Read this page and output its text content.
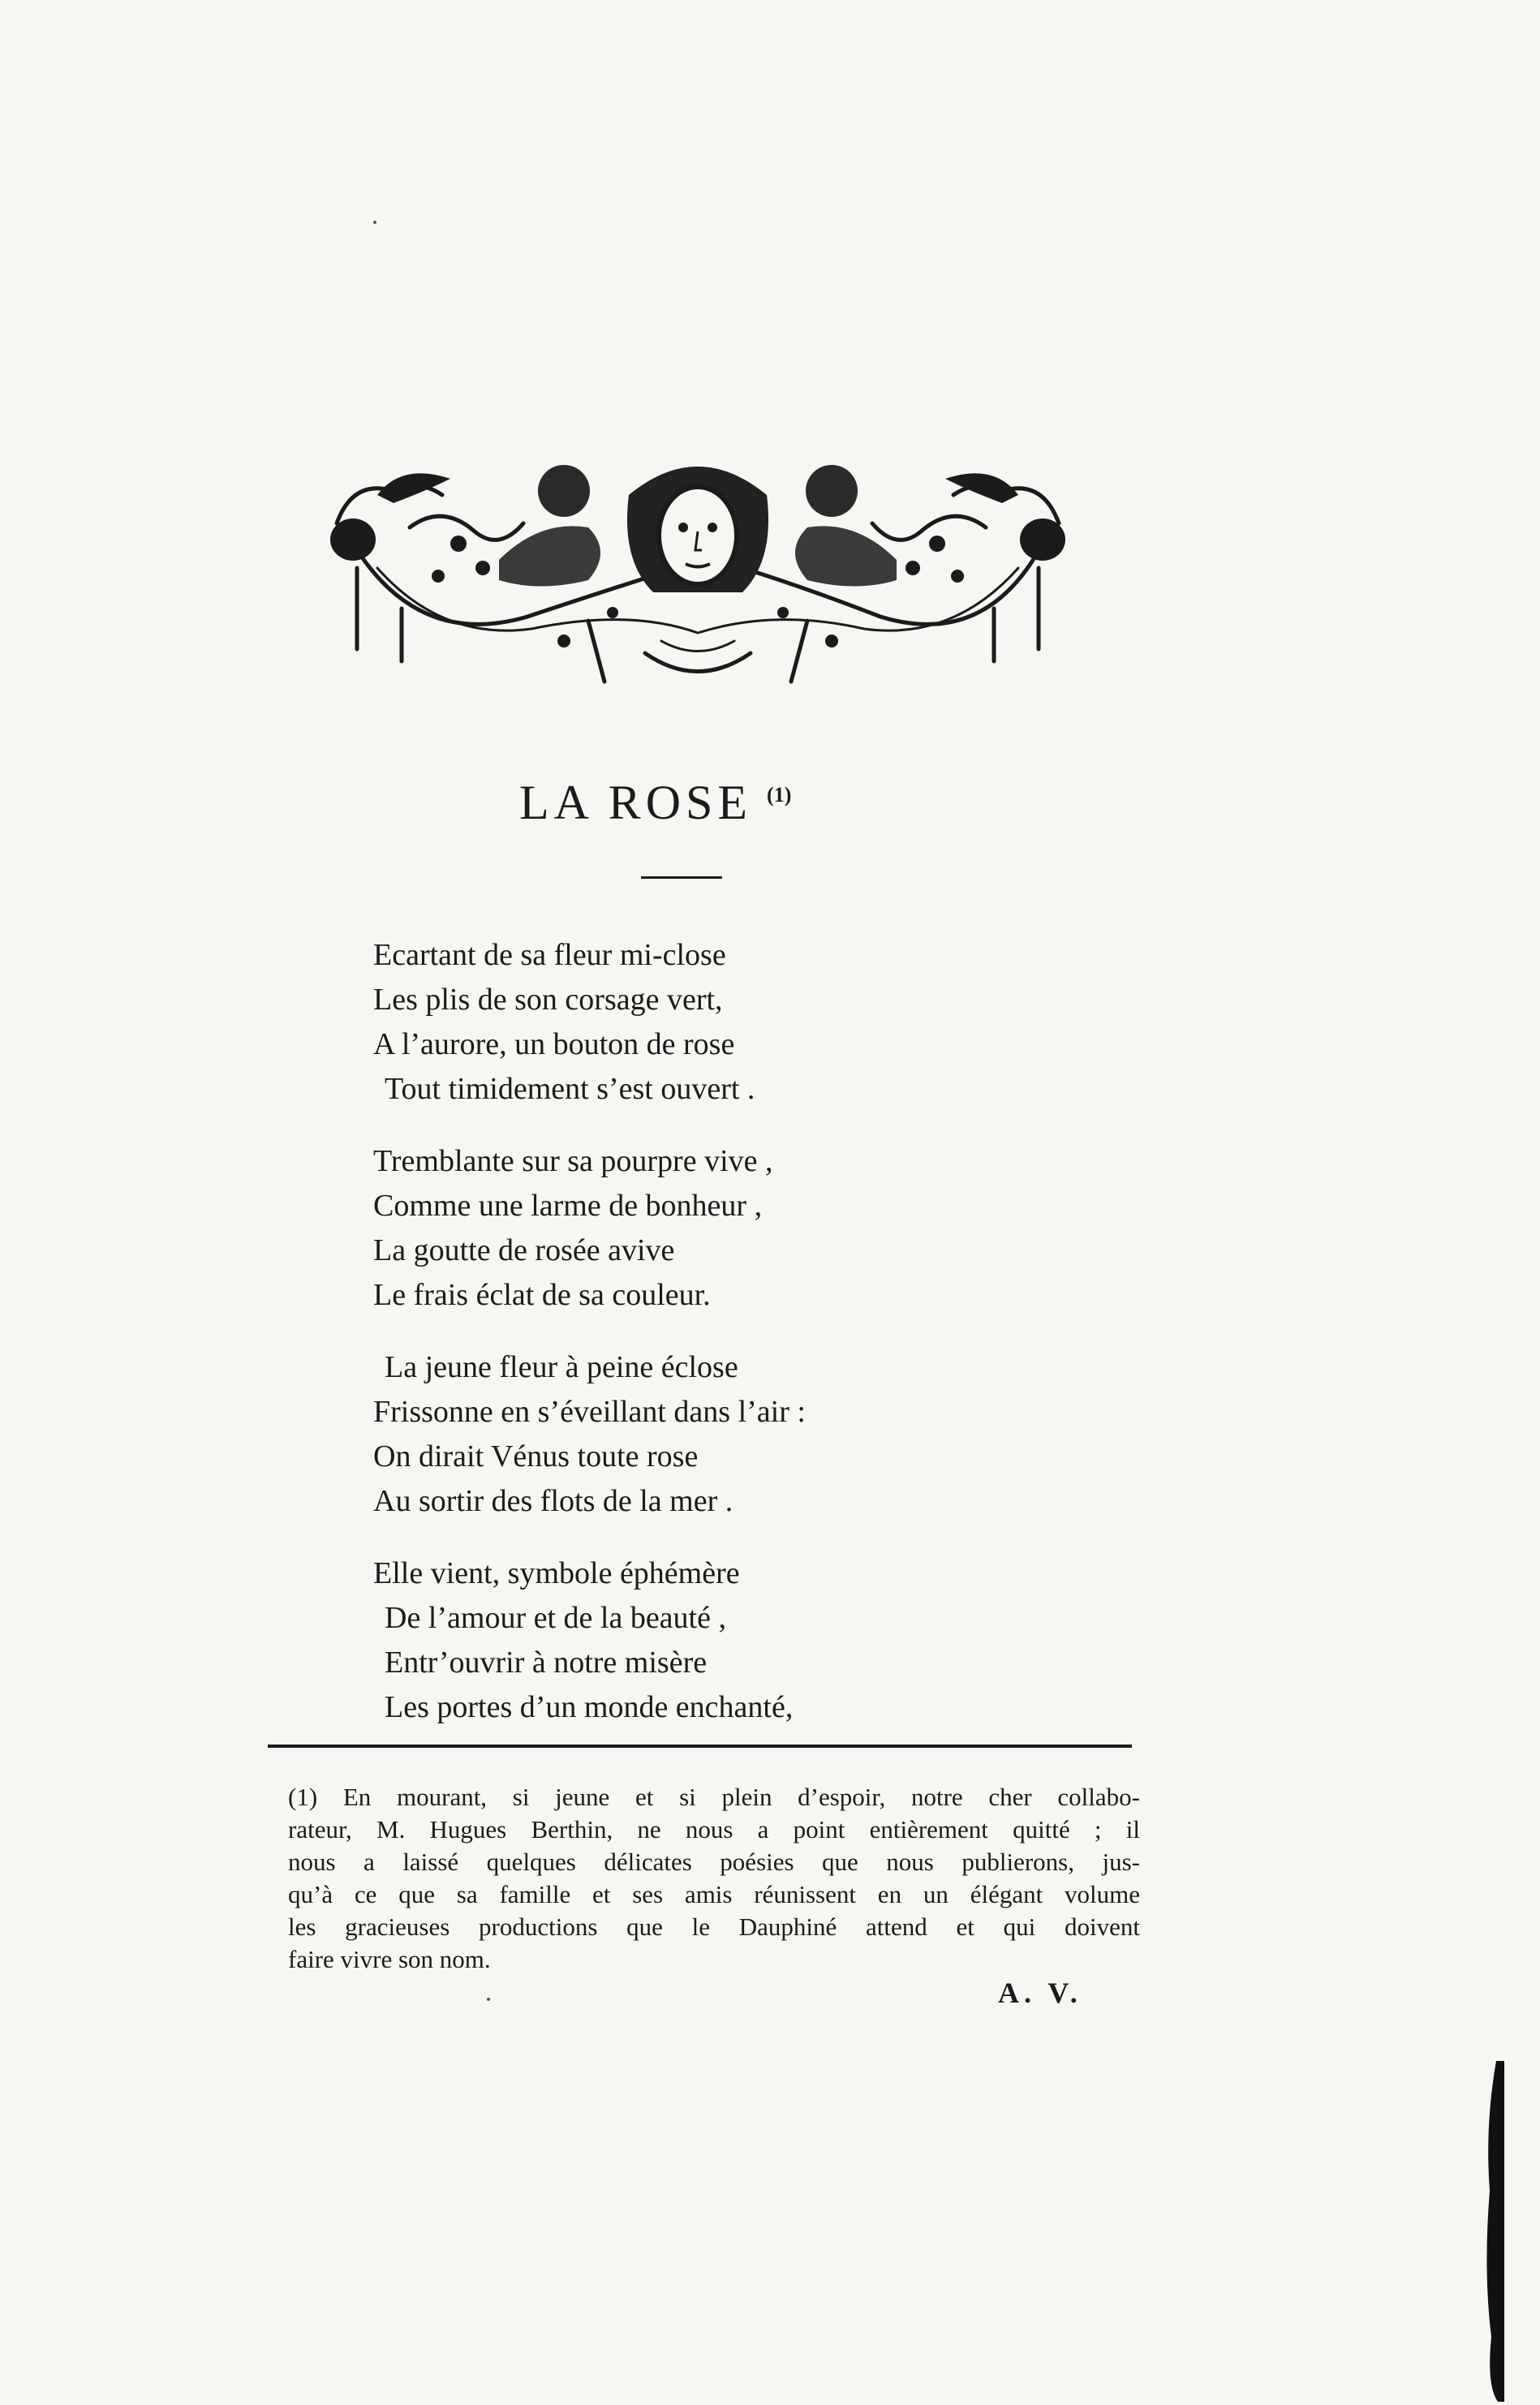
LA ROSE $^{(1)}$
Ecartant de sa fleur mi-close
Les plis de son corsage vert,
A l’aurore, un bouton de rose
Tout timidement s’est ouvert .
Tremblante sur sa pourpre vive ,
Comme une larme de bonheur ,
La goutte de rosée avive
Le frais éclat de sa couleur.
La jeune fleur à peine éclose
Frissonne en s’éveillant dans l’air :
On dirait Vénus toute rose
Au sortir des flots de la mer .
Elle vient, symbole éphémère
De l’amour et de la beauté ,
Entr’ouvrir à notre misère
Les portes d’un monde enchanté,
(1) En mourant, si jeune et si plein d’espoir, notre cher collabo-
rateur, M. Hugues Berthin, ne nous a point entièrement quitté ; il
nous a laissé quelques délicates poésies que nous publierons, jus-
qu’à ce que sa famille et ses amis réunissent en un élégant volume
les gracieuses productions que le Dauphiné attend et qui doivent
faire vivre son nom.
A. V.
